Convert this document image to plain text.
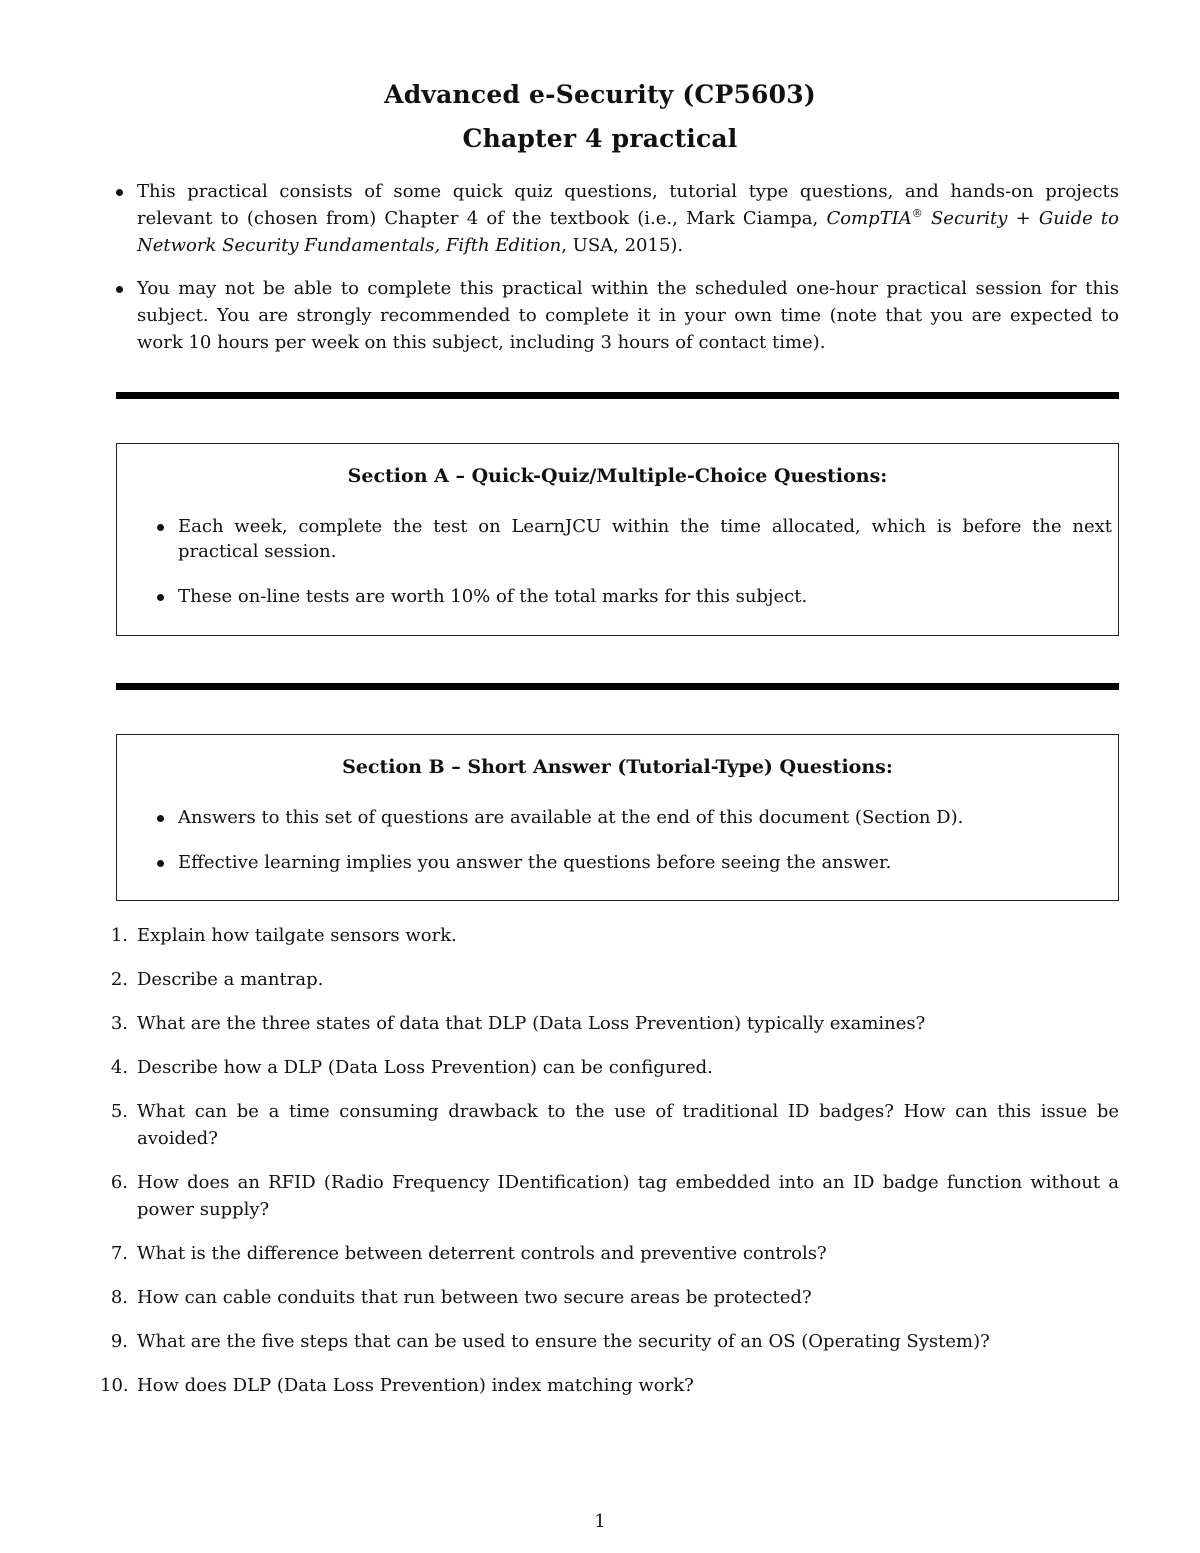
Advanced e-Security (CP5603)
Chapter 4 practical
This practical consists of some quick quiz questions, tutorial type questions, and hands-on projects relevant to (chosen from) Chapter 4 of the textbook (i.e., Mark Ciampa, CompTIA® Security + Guide to Network Security Fundamentals, Fifth Edition, USA, 2015).
You may not be able to complete this practical within the scheduled one-hour practical session for this subject. You are strongly recommended to complete it in your own time (note that you are expected to work 10 hours per week on this subject, including 3 hours of contact time).
Section A – Quick-Quiz/Multiple-Choice Questions:
Each week, complete the test on LearnJCU within the time allocated, which is before the next practical session.
These on-line tests are worth 10% of the total marks for this subject.
Section B – Short Answer (Tutorial-Type) Questions:
Answers to this set of questions are available at the end of this document (Section D).
Effective learning implies you answer the questions before seeing the answer.
1. Explain how tailgate sensors work.
2. Describe a mantrap.
3. What are the three states of data that DLP (Data Loss Prevention) typically examines?
4. Describe how a DLP (Data Loss Prevention) can be configured.
5. What can be a time consuming drawback to the use of traditional ID badges? How can this issue be avoided?
6. How does an RFID (Radio Frequency IDentification) tag embedded into an ID badge function without a power supply?
7. What is the difference between deterrent controls and preventive controls?
8. How can cable conduits that run between two secure areas be protected?
9. What are the five steps that can be used to ensure the security of an OS (Operating System)?
10. How does DLP (Data Loss Prevention) index matching work?
1
